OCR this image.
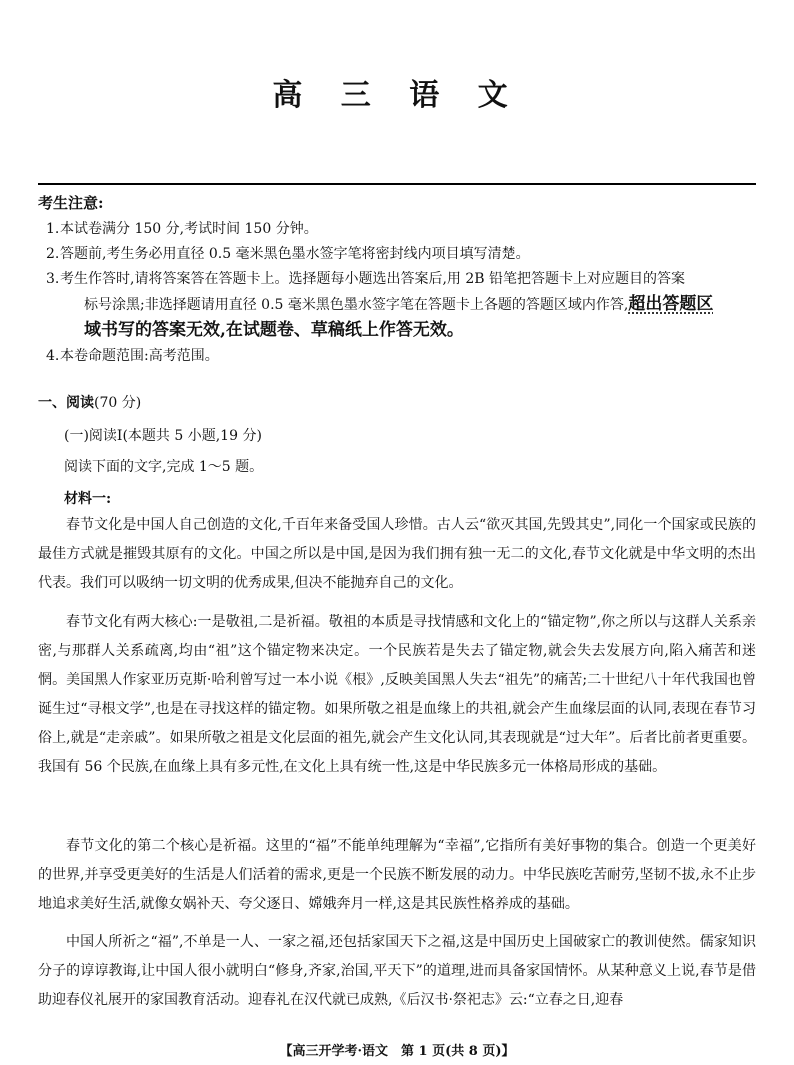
高 三 语 文
考生注意:
1.本试卷满分 150 分,考试时间 150 分钟。
2.答题前,考生务必用直径 0.5 毫米黑色墨水签字笔将密封线内项目填写清楚。
3.考生作答时,请将答案答在答题卡上。选择题每小题选出答案后,用 2B 铅笔把答题卡上对应题目的答案
标号涂黑;非选择题请用直径 0.5 毫米黑色墨水签字笔在答题卡上各题的答题区域内作答,超出答题区
域书写的答案无效,在试题卷、草稿纸上作答无效。
4.本卷命题范围:高考范围。
一、阅读(70 分)
(一)阅读Ⅰ(本题共 5 小题,19 分)
阅读下面的文字,完成 1～5 题。
材料一:

春节文化是中国人自己创造的文化,千百年来备受国人珍惜。古人云“欲灭其国,先毁其史”,同化一个国家或民族的最佳方式就是摧毁其原有的文化。中国之所以是中国,是因为我们拥有独一无二的文化,春节文化就是中华文明的杰出代表。我们可以吸纳一切文明的优秀成果,但决不能抛弃自己的文化。

春节文化有两大核心:一是敬祖,二是祈福。敬祖的本质是寻找情感和文化上的“锚定物”,你之所以与这群人关系亲密,与那群人关系疏离,均由“祖”这个锚定物来决定。一个民族若是失去了锚定物,就会失去发展方向,陷入痛苦和迷惘。美国黑人作家亚历克斯·哈利曾写过一本小说《根》,反映美国黑人失去“祖先”的痛苦;二十世纪八十年代我国也曾诞生过“寻根文学”,也是在寻找这样的锚定物。如果所敬之祖是血缘上的共祖,就会产生血缘层面的认同,表现在春节习俗上,就是“走亲戚”。如果所敬之祖是文化层面的祖先,就会产生文化认同,其表现就是“过大年”。后者比前者更重要。我国有 56 个民族,在血缘上具有多元性,在文化上具有统一性,这是中华民族多元一体格局形成的基础。

春节文化的第二个核心是祈福。这里的“福”不能单纯理解为“幸福”,它指所有美好事物的集合。创造一个更美好的世界,并享受更美好的生活是人们活着的需求,更是一个民族不断发展的动力。中华民族吃苦耐劳,坚韧不拔,永不止步地追求美好生活,就像女娲补天、夸父逐日、嫦娥奔月一样,这是其民族性格养成的基础。

中国人所祈之“福”,不单是一人、一家之福,还包括家国天下之福,这是中国历史上国破家亡的教训使然。儒家知识分子的谆谆教诲,让中国人很小就明白“修身,齐家,治国,平天下”的道理,进而具备家国情怀。从某种意义上说,春节是借助迎春仪礼展开的家国教育活动。迎春礼在汉代就已成熟,《后汉书·祭祀志》云:“立春之日,迎春

【高三开学考·语文　第 1 页(共 8 页)】
